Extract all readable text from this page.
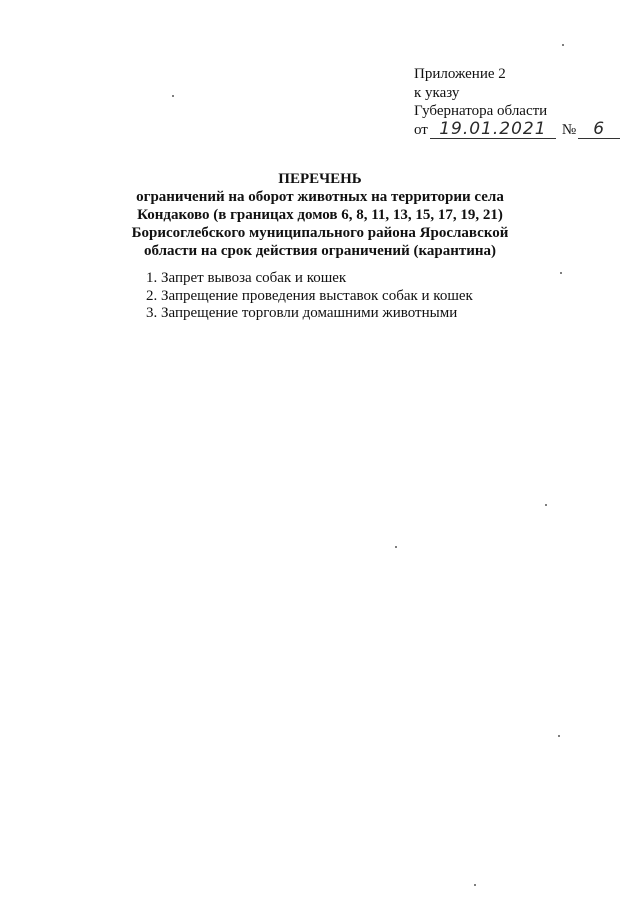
Приложение 2
к указу
Губернатора области
от 19.01.2021	№	6
ПЕРЕЧЕНЬ
ограничений на оборот животных на территории села Кондаково (в границах домов 6, 8, 11, 13, 15, 17, 19, 21) Борисоглебского муниципального района Ярославской области на срок действия ограничений (карантина)
1. Запрет вывоза собак и кошек
2. Запрещение проведения выставок собак и кошек
3. Запрещение торговли домашними животными
